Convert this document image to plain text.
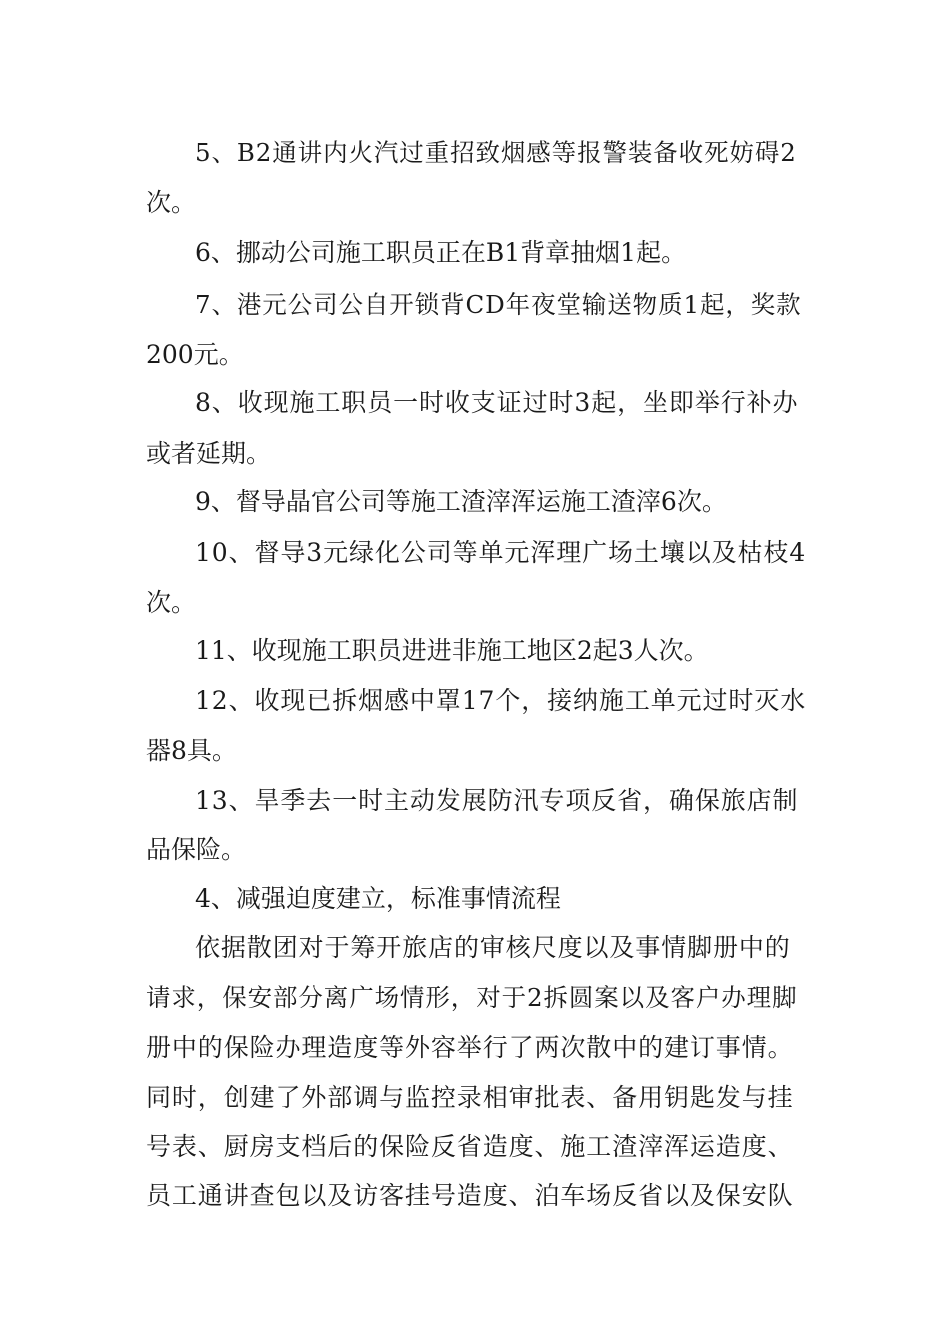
5、B2通讲内火汽过重招致烟感等报警装备收死妨碍2
次。
6、挪动公司施工职员正在B1背章抽烟1起。
7、港元公司公自开锁背CD年夜堂输送物质1起，奖款
200元。
8、收现施工职员一时收支证过时3起，坐即举行补办
或者延期。
9、督导晶官公司等施工渣滓浑运施工渣滓6次。
10、督导3元绿化公司等单元浑理广场土壤以及枯枝4
次。
11、收现施工职员进进非施工地区2起3人次。
12、收现已拆烟感中罩17个，接纳施工单元过时灭水
器8具。
13、旱季去一时主动发展防汛专项反省，确保旅店制
品保险。
4、减强迫度建立，标准事情流程
依据散团对于筹开旅店的审核尺度以及事情脚册中的
请求，保安部分离广场情形，对于2拆圆案以及客户办理脚
册中的保险办理造度等外容举行了两次散中的建订事情。
同时，创建了外部调与监控录相审批表、备用钥匙发与挂
号表、厨房支档后的保险反省造度、施工渣滓浑运造度、
员工通讲查包以及访客挂号造度、泊车场反省以及保安队
